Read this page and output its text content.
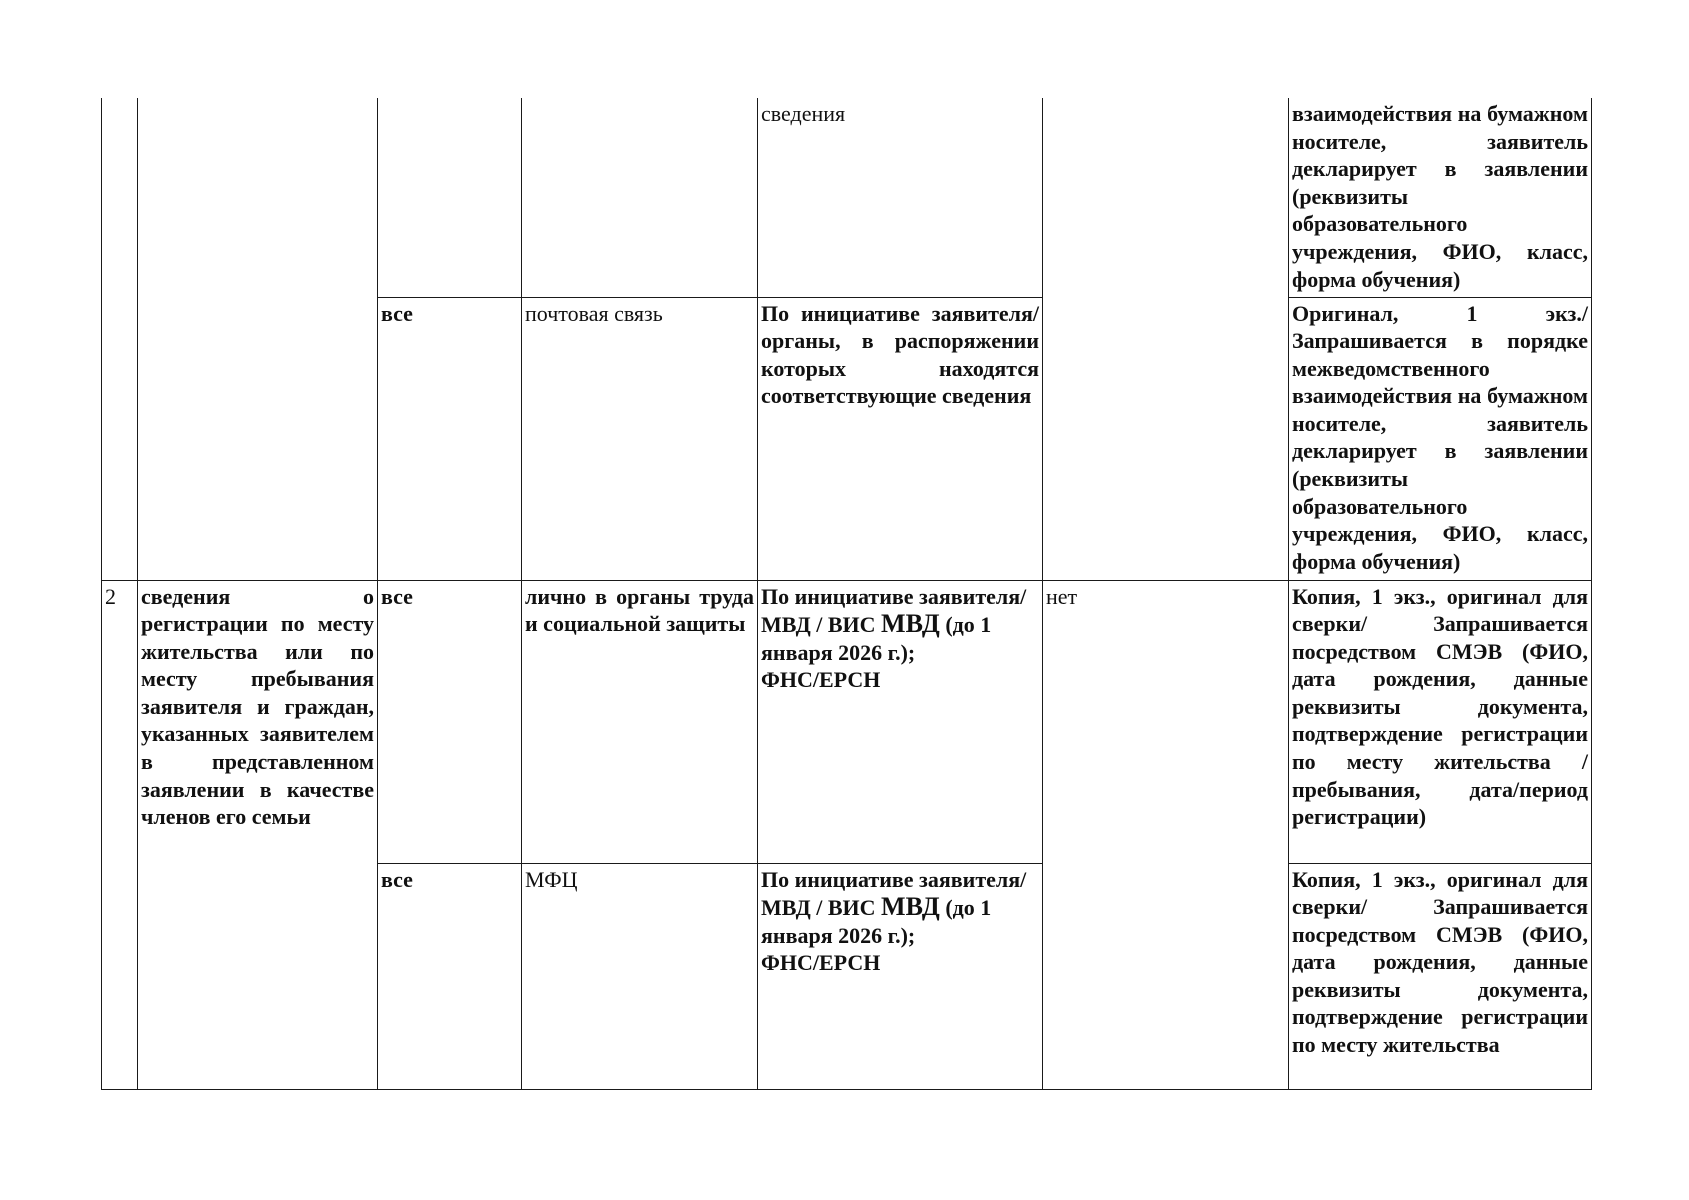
				сведения		взаимодействия на бумажном носителе, заявитель декларирует в заявлении (реквизиты образовательного учреждения, ФИО, класс, форма обучения)
		все	почтовая связь	По инициативе заявителя/ органы, в распоряжении которых находятся соответствующие сведения		Оригинал, 1 экз./ Запрашивается в порядке межведомственного взаимодействия на бумажном носителе, заявитель декларирует в заявлении (реквизиты образовательного учреждения, ФИО, класс, форма обучения)
2	сведения о регистрации по месту жительства или по месту пребывания заявителя и граждан, указанных заявителем в представленном заявлении в качестве членов его семьи	все	лично в органы труда и социальной защиты	По инициативе заявителя/
МВД / ВИС МВД (до 1
января 2026 г.);
ФНС/ЕРСН	нет	Копия, 1 экз., оригинал для сверки/ Запрашивается посредством СМЭВ (ФИО, дата рождения, данные реквизиты документа, подтверждение регистрации по месту жительства /пребывания, дата/период регистрации)
		все	МФЦ	По инициативе заявителя/
МВД / ВИС МВД (до 1
января 2026 г.);
ФНС/ЕРСН		Копия, 1 экз., оригинал для сверки/ Запрашивается посредством СМЭВ (ФИО, дата рождения, данные реквизиты документа, подтверждение регистрации по месту жительства
